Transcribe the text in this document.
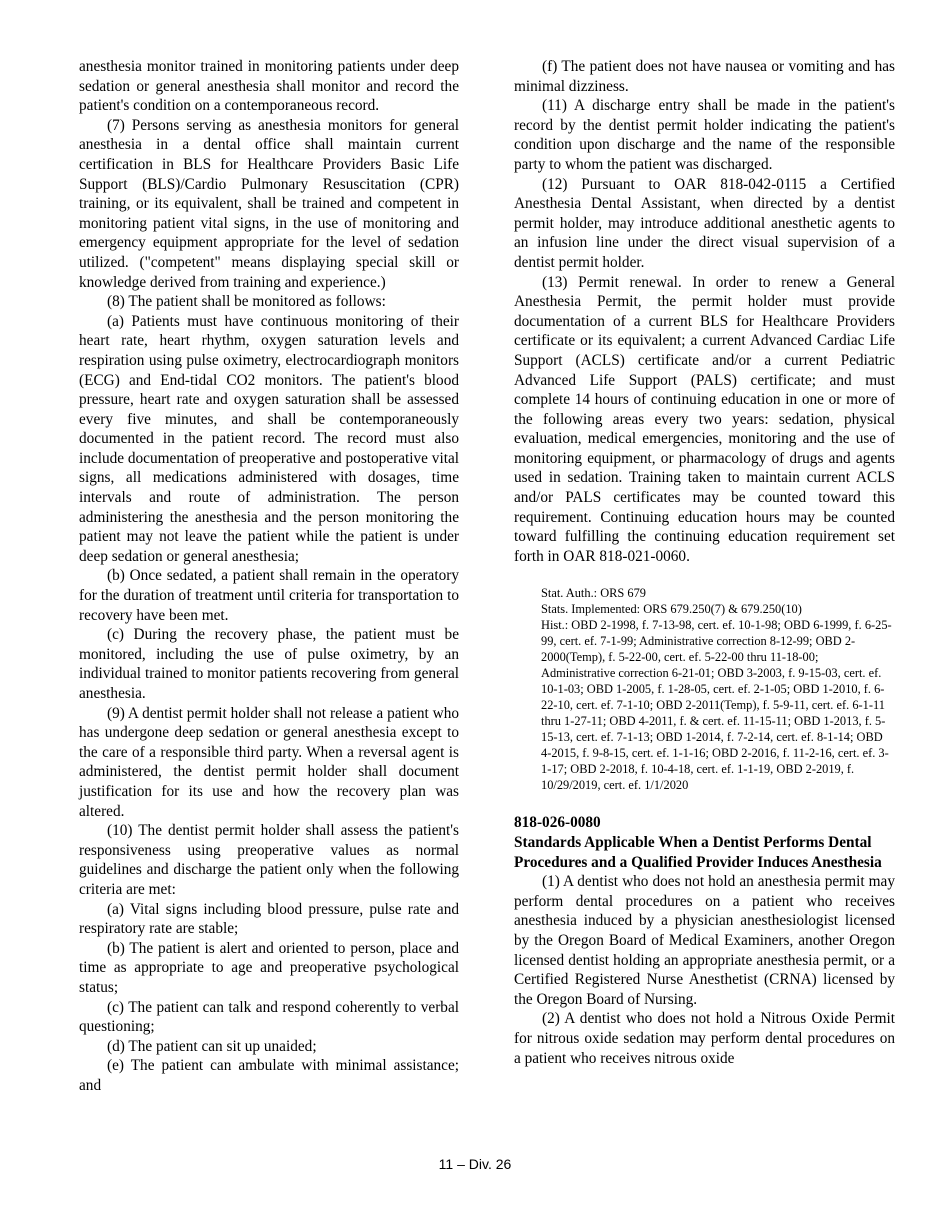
anesthesia monitor trained in monitoring patients under deep sedation or general anesthesia shall monitor and record the patient's condition on a contemporaneous record.

(7) Persons serving as anesthesia monitors for general anesthesia in a dental office shall maintain current certification in BLS for Healthcare Providers Basic Life Support (BLS)/Cardio Pulmonary Resuscitation (CPR) training, or its equivalent, shall be trained and competent in monitoring patient vital signs, in the use of monitoring and emergency equipment appropriate for the level of sedation utilized. ("competent" means displaying special skill or knowledge derived from training and experience.)

(8) The patient shall be monitored as follows:

(a) Patients must have continuous monitoring of their heart rate, heart rhythm, oxygen saturation levels and respiration using pulse oximetry, electrocardiograph monitors (ECG) and End-tidal CO2 monitors. The patient's blood pressure, heart rate and oxygen saturation shall be assessed every five minutes, and shall be contemporaneously documented in the patient record. The record must also include documentation of preoperative and postoperative vital signs, all medications administered with dosages, time intervals and route of administration. The person administering the anesthesia and the person monitoring the patient may not leave the patient while the patient is under deep sedation or general anesthesia;

(b) Once sedated, a patient shall remain in the operatory for the duration of treatment until criteria for transportation to recovery have been met.

(c) During the recovery phase, the patient must be monitored, including the use of pulse oximetry, by an individual trained to monitor patients recovering from general anesthesia.

(9) A dentist permit holder shall not release a patient who has undergone deep sedation or general anesthesia except to the care of a responsible third party. When a reversal agent is administered, the dentist permit holder shall document justification for its use and how the recovery plan was altered.

(10) The dentist permit holder shall assess the patient's responsiveness using preoperative values as normal guidelines and discharge the patient only when the following criteria are met:

(a) Vital signs including blood pressure, pulse rate and respiratory rate are stable;

(b) The patient is alert and oriented to person, place and time as appropriate to age and preoperative psychological status;

(c) The patient can talk and respond coherently to verbal questioning;

(d) The patient can sit up unaided;

(e) The patient can ambulate with minimal assistance; and

(f) The patient does not have nausea or vomiting and has minimal dizziness.

(11) A discharge entry shall be made in the patient's record by the dentist permit holder indicating the patient's condition upon discharge and the name of the responsible party to whom the patient was discharged.

(12) Pursuant to OAR 818-042-0115 a Certified Anesthesia Dental Assistant, when directed by a dentist permit holder, may introduce additional anesthetic agents to an infusion line under the direct visual supervision of a dentist permit holder.

(13) Permit renewal. In order to renew a General Anesthesia Permit, the permit holder must provide documentation of a current BLS for Healthcare Providers certificate or its equivalent; a current Advanced Cardiac Life Support (ACLS) certificate and/or a current Pediatric Advanced Life Support (PALS) certificate; and must complete 14 hours of continuing education in one or more of the following areas every two years: sedation, physical evaluation, medical emergencies, monitoring and the use of monitoring equipment, or pharmacology of drugs and agents used in sedation. Training taken to maintain current ACLS and/or PALS certificates may be counted toward this requirement. Continuing education hours may be counted toward fulfilling the continuing education requirement set forth in OAR 818-021-0060.

Stat. Auth.: ORS 679

Stats. Implemented: ORS 679.250(7) & 679.250(10)

Hist.: OBD 2-1998, f. 7-13-98, cert. ef. 10-1-98; OBD 6-1999, f. 6-25-99, cert. ef. 7-1-99; Administrative correction 8-12-99; OBD 2-2000(Temp), f. 5-22-00, cert. ef. 5-22-00 thru 11-18-00; Administrative correction 6-21-01; OBD 3-2003, f. 9-15-03, cert. ef. 10-1-03; OBD 1-2005, f. 1-28-05, cert. ef. 2-1-05; OBD 1-2010, f. 6-22-10, cert. ef. 7-1-10; OBD 2-2011(Temp), f. 5-9-11, cert. ef. 6-1-11 thru 1-27-11; OBD 4-2011, f. & cert. ef. 11-15-11; OBD 1-2013, f. 5-15-13, cert. ef. 7-1-13; OBD 1-2014, f. 7-2-14, cert. ef. 8-1-14; OBD 4-2015, f. 9-8-15, cert. ef. 1-1-16; OBD 2-2016, f. 11-2-16, cert. ef. 3-1-17; OBD 2-2018, f. 10-4-18, cert. ef. 1-1-19, OBD 2-2019, f. 10/29/2019, cert. ef. 1/1/2020

818-026-0080
Standards Applicable When a Dentist Performs Dental Procedures and a Qualified Provider Induces Anesthesia

(1) A dentist who does not hold an anesthesia permit may perform dental procedures on a patient who receives anesthesia induced by a physician anesthesiologist licensed by the Oregon Board of Medical Examiners, another Oregon licensed dentist holding an appropriate anesthesia permit, or a Certified Registered Nurse Anesthetist (CRNA) licensed by the Oregon Board of Nursing.

(2) A dentist who does not hold a Nitrous Oxide Permit for nitrous oxide sedation may perform dental procedures on a patient who receives nitrous oxide

11 – Div. 26
